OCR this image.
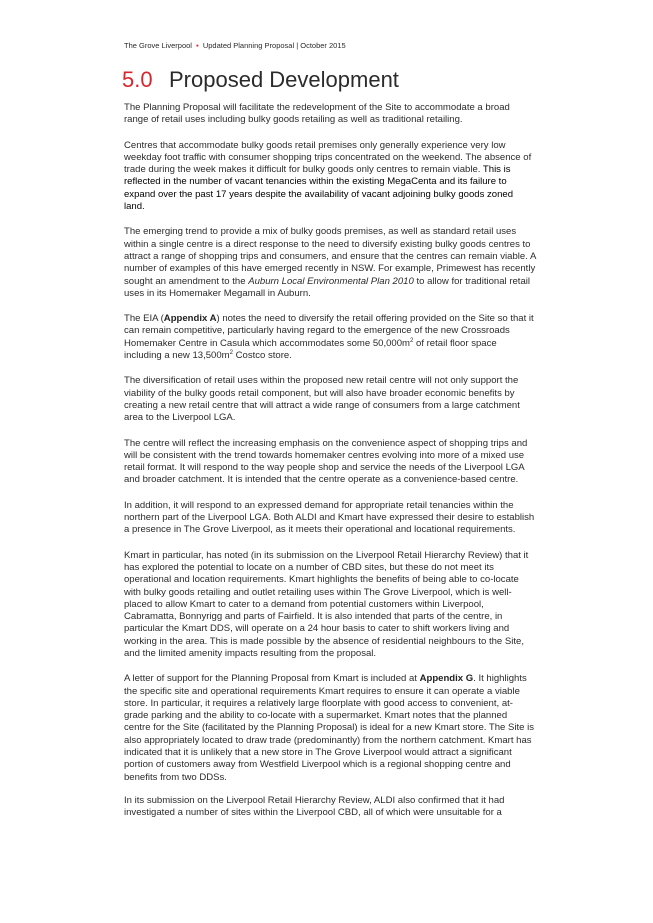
The Grove Liverpool ▪ Updated Planning Proposal | October 2015
5.0 Proposed Development

The Planning Proposal will facilitate the redevelopment of the Site to accommodate a broad range of retail uses including bulky goods retailing as well as traditional retailing.

Centres that accommodate bulky goods retail premises only generally experience very low weekday foot traffic with consumer shopping trips concentrated on the weekend. The absence of trade during the week makes it difficult for bulky goods only centres to remain viable. This is reflected in the number of vacant tenancies within the existing MegaCenta and its failure to expand over the past 17 years despite the availability of vacant adjoining bulky goods zoned land.

The emerging trend to provide a mix of bulky goods premises, as well as standard retail uses within a single centre is a direct response to the need to diversify existing bulky goods centres to attract a range of shopping trips and consumers, and ensure that the centres can remain viable. A number of examples of this have emerged recently in NSW. For example, Primewest has recently sought an amendment to the Auburn Local Environmental Plan 2010 to allow for traditional retail uses in its Homemaker Megamall in Auburn.

The EIA (Appendix A) notes the need to diversify the retail offering provided on the Site so that it can remain competitive, particularly having regard to the emergence of the new Crossroads Homemaker Centre in Casula which accommodates some $50,000m^2$ of retail floor space including a new $13,500m^2$ Costco store.

The diversification of retail uses within the proposed new retail centre will not only support the viability of the bulky goods retail component, but will also have broader economic benefits by creating a new retail centre that will attract a wide range of consumers from a large catchment area to the Liverpool LGA.

The centre will reflect the increasing emphasis on the convenience aspect of shopping trips and will be consistent with the trend towards homemaker centres evolving into more of a mixed use retail format. It will respond to the way people shop and service the needs of the Liverpool LGA and broader catchment. It is intended that the centre operate as a convenience-based centre.

In addition, it will respond to an expressed demand for appropriate retail tenancies within the northern part of the Liverpool LGA. Both ALDI and Kmart have expressed their desire to establish a presence in The Grove Liverpool, as it meets their operational and locational requirements.

Kmart in particular, has noted (in its submission on the Liverpool Retail Hierarchy Review) that it has explored the potential to locate on a number of CBD sites, but these do not meet its operational and location requirements. Kmart highlights the benefits of being able to co-locate with bulky goods retailing and outlet retailing uses within The Grove Liverpool, which is well-placed to allow Kmart to cater to a demand from potential customers within Liverpool, Cabramatta, Bonnyrigg and parts of Fairfield. It is also intended that parts of the centre, in particular the Kmart DDS, will operate on a 24 hour basis to cater to shift workers living and working in the area. This is made possible by the absence of residential neighbours to the Site, and the limited amenity impacts resulting from the proposal.

A letter of support for the Planning Proposal from Kmart is included at Appendix G. It highlights the specific site and operational requirements Kmart requires to ensure it can operate a viable store. In particular, it requires a relatively large floorplate with good access to convenient, at-grade parking and the ability to co-locate with a supermarket. Kmart notes that the planned centre for the Site (facilitated by the Planning Proposal) is ideal for a new Kmart store. The Site is also appropriately located to draw trade (predominantly) from the northern catchment. Kmart has indicated that it is unlikely that a new store in The Grove Liverpool would attract a significant portion of customers away from Westfield Liverpool which is a regional shopping centre and benefits from two DDSs.

In its submission on the Liverpool Retail Hierarchy Review, ALDI also confirmed that it had investigated a number of sites within the Liverpool CBD, all of which were unsuitable for a
